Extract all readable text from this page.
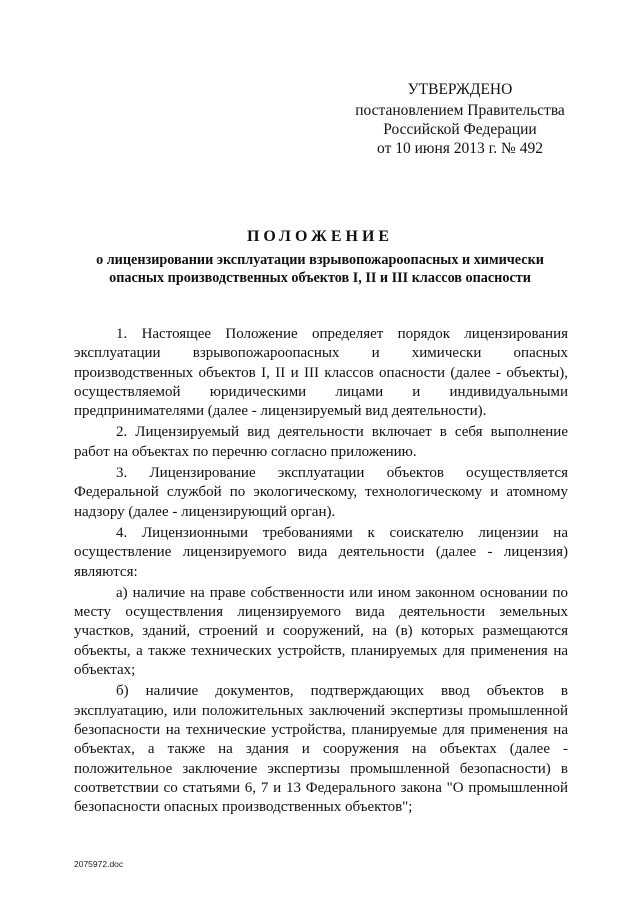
УТВЕРЖДЕНО
постановлением Правительства
Российской Федерации
от 10 июня 2013 г. № 492
ПОЛОЖЕНИЕ
о лицензировании эксплуатации взрывопожароопасных и химически опасных производственных объектов I, II и III классов опасности

1. Настоящее Положение определяет порядок лицензирования эксплуатации взрывопожароопасных и химически опасных производственных объектов I, II и III классов опасности (далее - объекты), осуществляемой юридическими лицами и индивидуальными предпринимателями (далее - лицензируемый вид деятельности).

2. Лицензируемый вид деятельности включает в себя выполнение работ на объектах по перечню согласно приложению.

3. Лицензирование эксплуатации объектов осуществляется Федеральной службой по экологическому, технологическому и атомному надзору (далее - лицензирующий орган).

4. Лицензионными требованиями к соискателю лицензии на осуществление лицензируемого вида деятельности (далее - лицензия) являются:

а) наличие на праве собственности или ином законном основании по месту осуществления лицензируемого вида деятельности земельных участков, зданий, строений и сооружений, на (в) которых размещаются объекты, а также технических устройств, планируемых для применения на объектах;

б) наличие документов, подтверждающих ввод объектов в эксплуатацию, или положительных заключений экспертизы промышленной безопасности на технические устройства, планируемые для применения на объектах, а также на здания и сооружения на объектах (далее - положительное заключение экспертизы промышленной безопасности) в соответствии со статьями 6, 7 и 13 Федерального закона "О промышленной безопасности опасных производственных объектов";

2075972.doc
